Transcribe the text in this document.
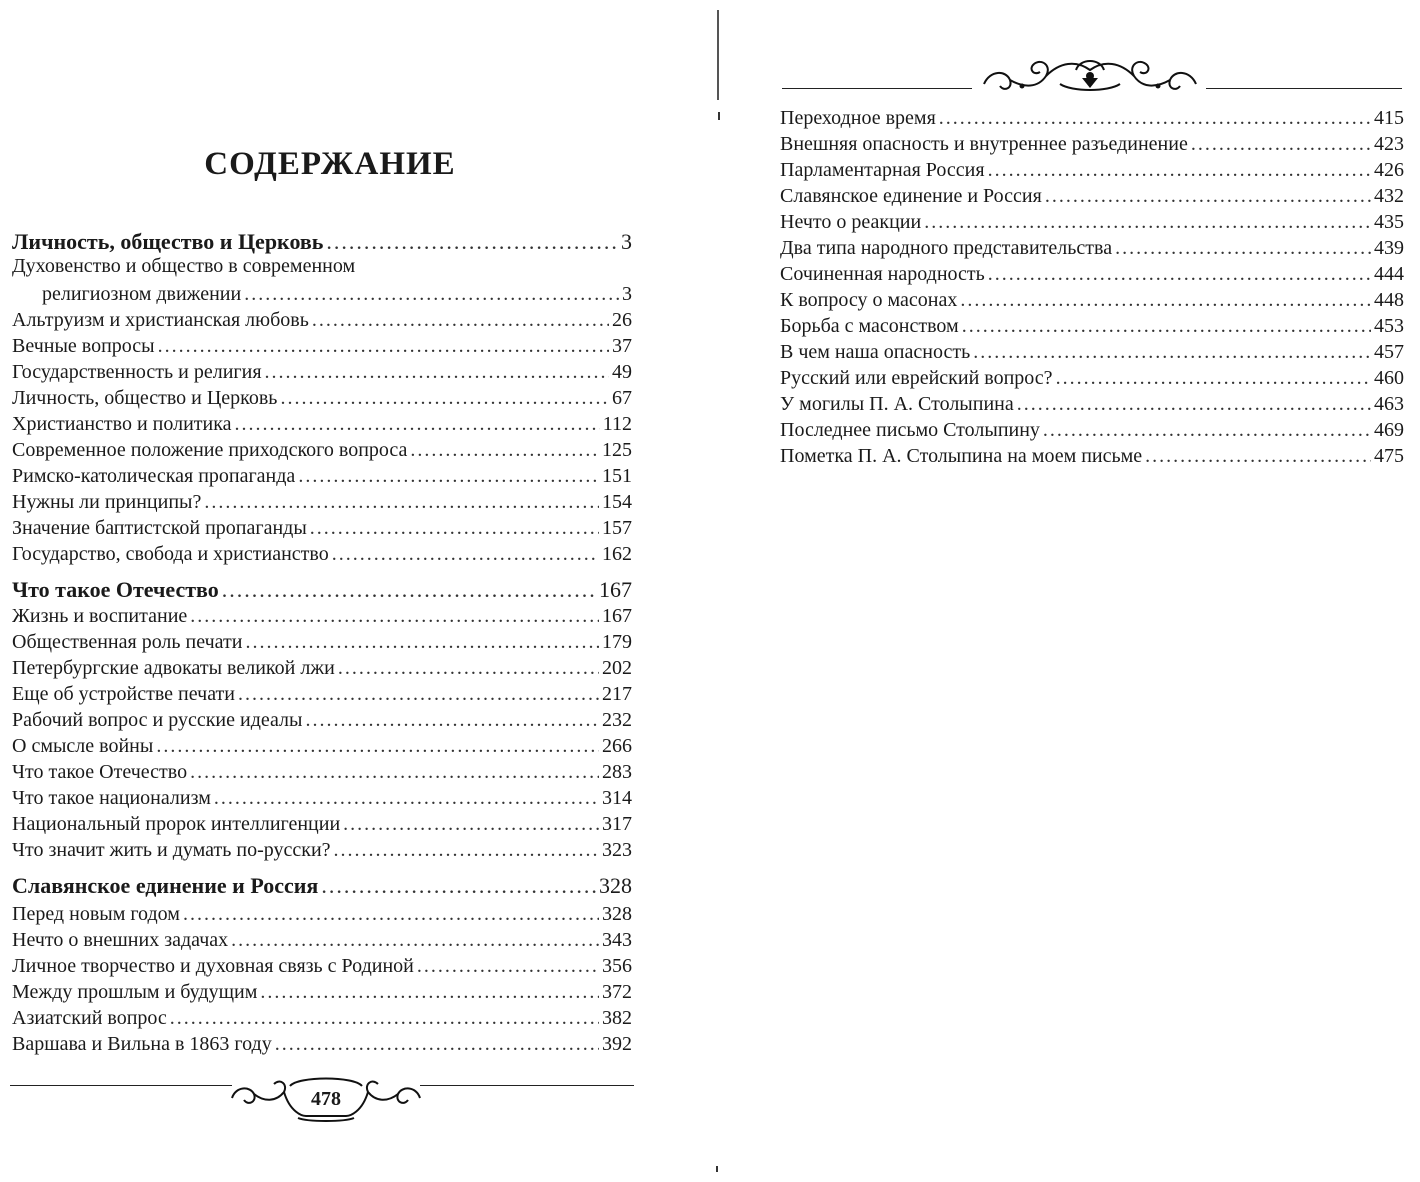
СОДЕРЖАНИЕ
Личность, общество и Церковь .....	3
Духовенство и общество в современном
религиозном движении .....	3
Альтруизм и христианская любовь .....	26
Вечные вопросы .....	37
Государственность и религия .....	49
Личность, общество и Церковь .....	67
Христианство и политика .....	112
Современное положение приходского вопроса .....	125
Римско-католическая пропаганда .....	151
Нужны ли принципы? .....	154
Значение баптистской пропаганды .....	157
Государство, свобода и христианство .....	162
Что такое Отечество .....	167
Жизнь и воспитание .....	167
Общественная роль печати .....	179
Петербургские адвокаты великой лжи .....	202
Еще об устройстве печати .....	217
Рабочий вопрос и русские идеалы .....	232
О смысле войны .....	266
Что такое Отечество .....	283
Что такое национализм .....	314
Национальный пророк интеллигенции .....	317
Что значит жить и думать по-русски? .....	323
Славянское единение и Россия .....	328
Перед новым годом .....	328
Нечто о внешних задачах .....	343
Личное творчество и духовная связь с Родиной .....	356
Между прошлым и будущим .....	372
Азиатский вопрос .....	382
Варшава и Вильна в 1863 году .....	392
Переходное время .....	415
Внешняя опасность и внутреннее разъединение .....	423
Парламентарная Россия .....	426
Славянское единение и Россия .....	432
Нечто о реакции .....	435
Два типа народного представительства .....	439
Сочиненная народность .....	444
К вопросу о масонах .....	448
Борьба с масонством .....	453
В чем наша опасность .....	457
Русский или еврейский вопрос? .....	460
У могилы П. А. Столыпина .....	463
Последнее письмо Столыпину .....	469
Пометка П. А. Столыпина на моем письме .....	475
478
